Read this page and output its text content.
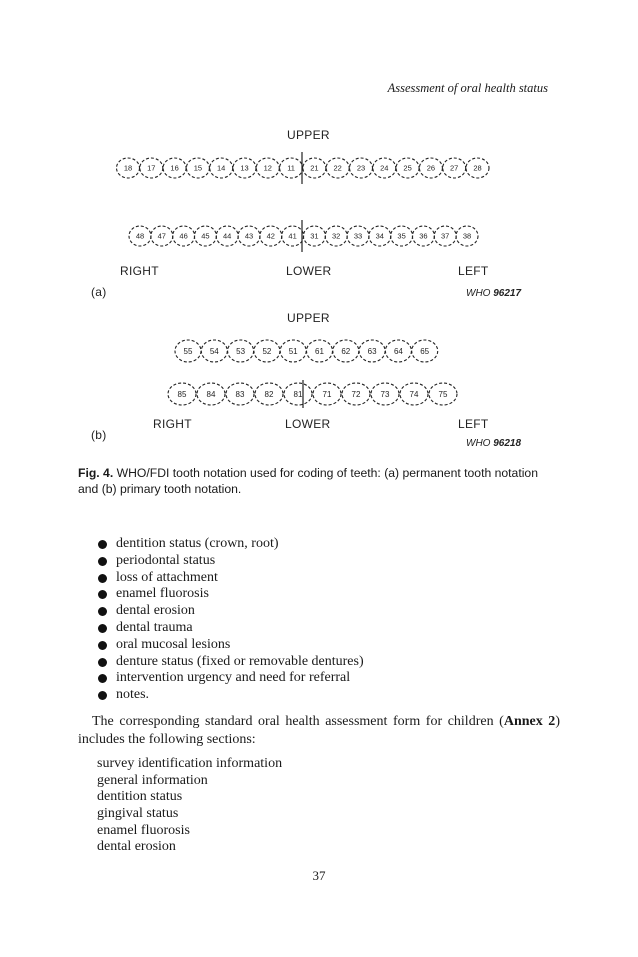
Assessment of oral health status
UPPER
RIGHT	LOWER	LEFT
(a)	WHO 96217
18 17 16 15 14 13 12 11 21 22 23 24 25 26 27 28
48 47 46 45 44 43 42 41 31 32 33 34 35 36 37 38
UPPER
RIGHT	LOWER	LEFT
(b)
WHO 96218
55 54 53 52 51 61 62 63 64 65
85	84	83	82	81	71	72	73	74	75
Fig. 4. WHO/FDI tooth notation used for coding of teeth: (a) permanent tooth notation and (b) primary tooth notation.
dentition status (crown, root)
periodontal status
loss of attachment
enamel fluorosis
dental erosion
dental trauma
oral mucosal lesions
denture status (fixed or removable dentures)
intervention urgency and need for referral
notes.
The corresponding standard oral health assessment form for children (Annex 2) includes the following sections:
survey identification information
general information
dentition status
gingival status
enamel fluorosis
dental erosion
37
